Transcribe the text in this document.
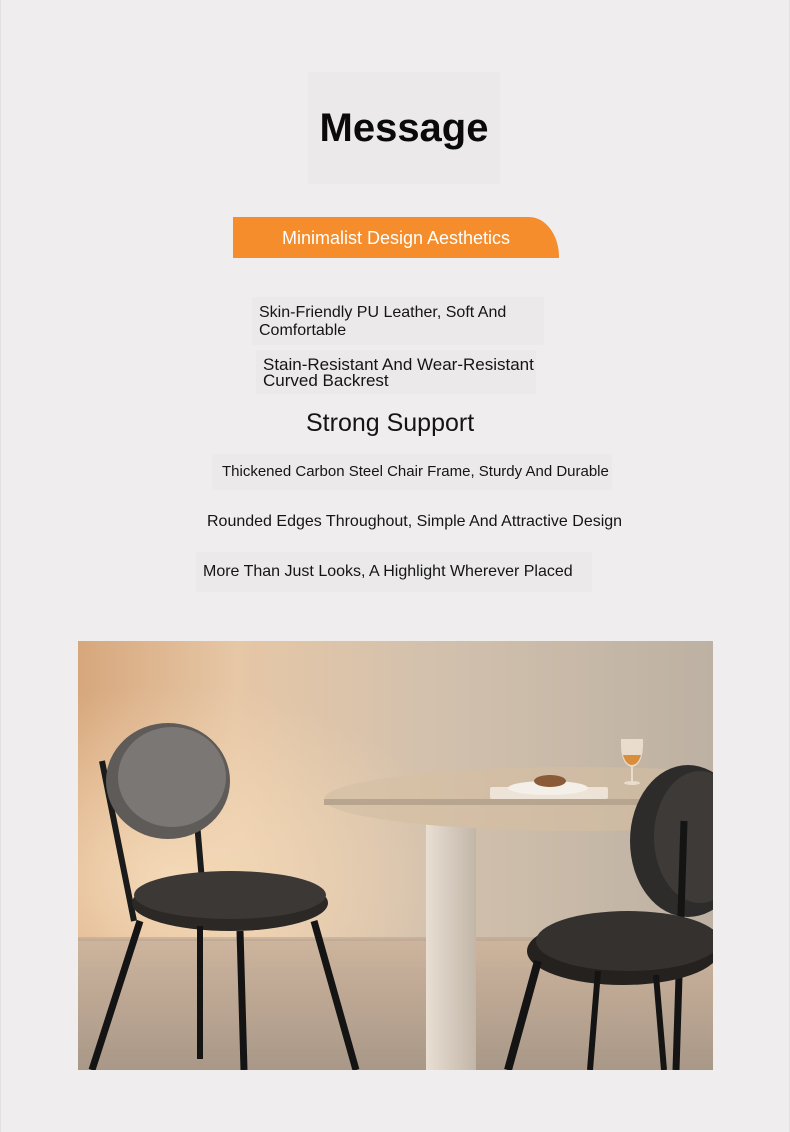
Message
Minimalist Design Aesthetics
Skin-Friendly PU Leather, Soft And Comfortable
Stain-Resistant And Wear-Resistant Curved Backrest
Strong Support
Thickened Carbon Steel Chair Frame, Sturdy And Durable
Rounded Edges Throughout, Simple And Attractive Design
More Than Just Looks, A Highlight Wherever Placed
